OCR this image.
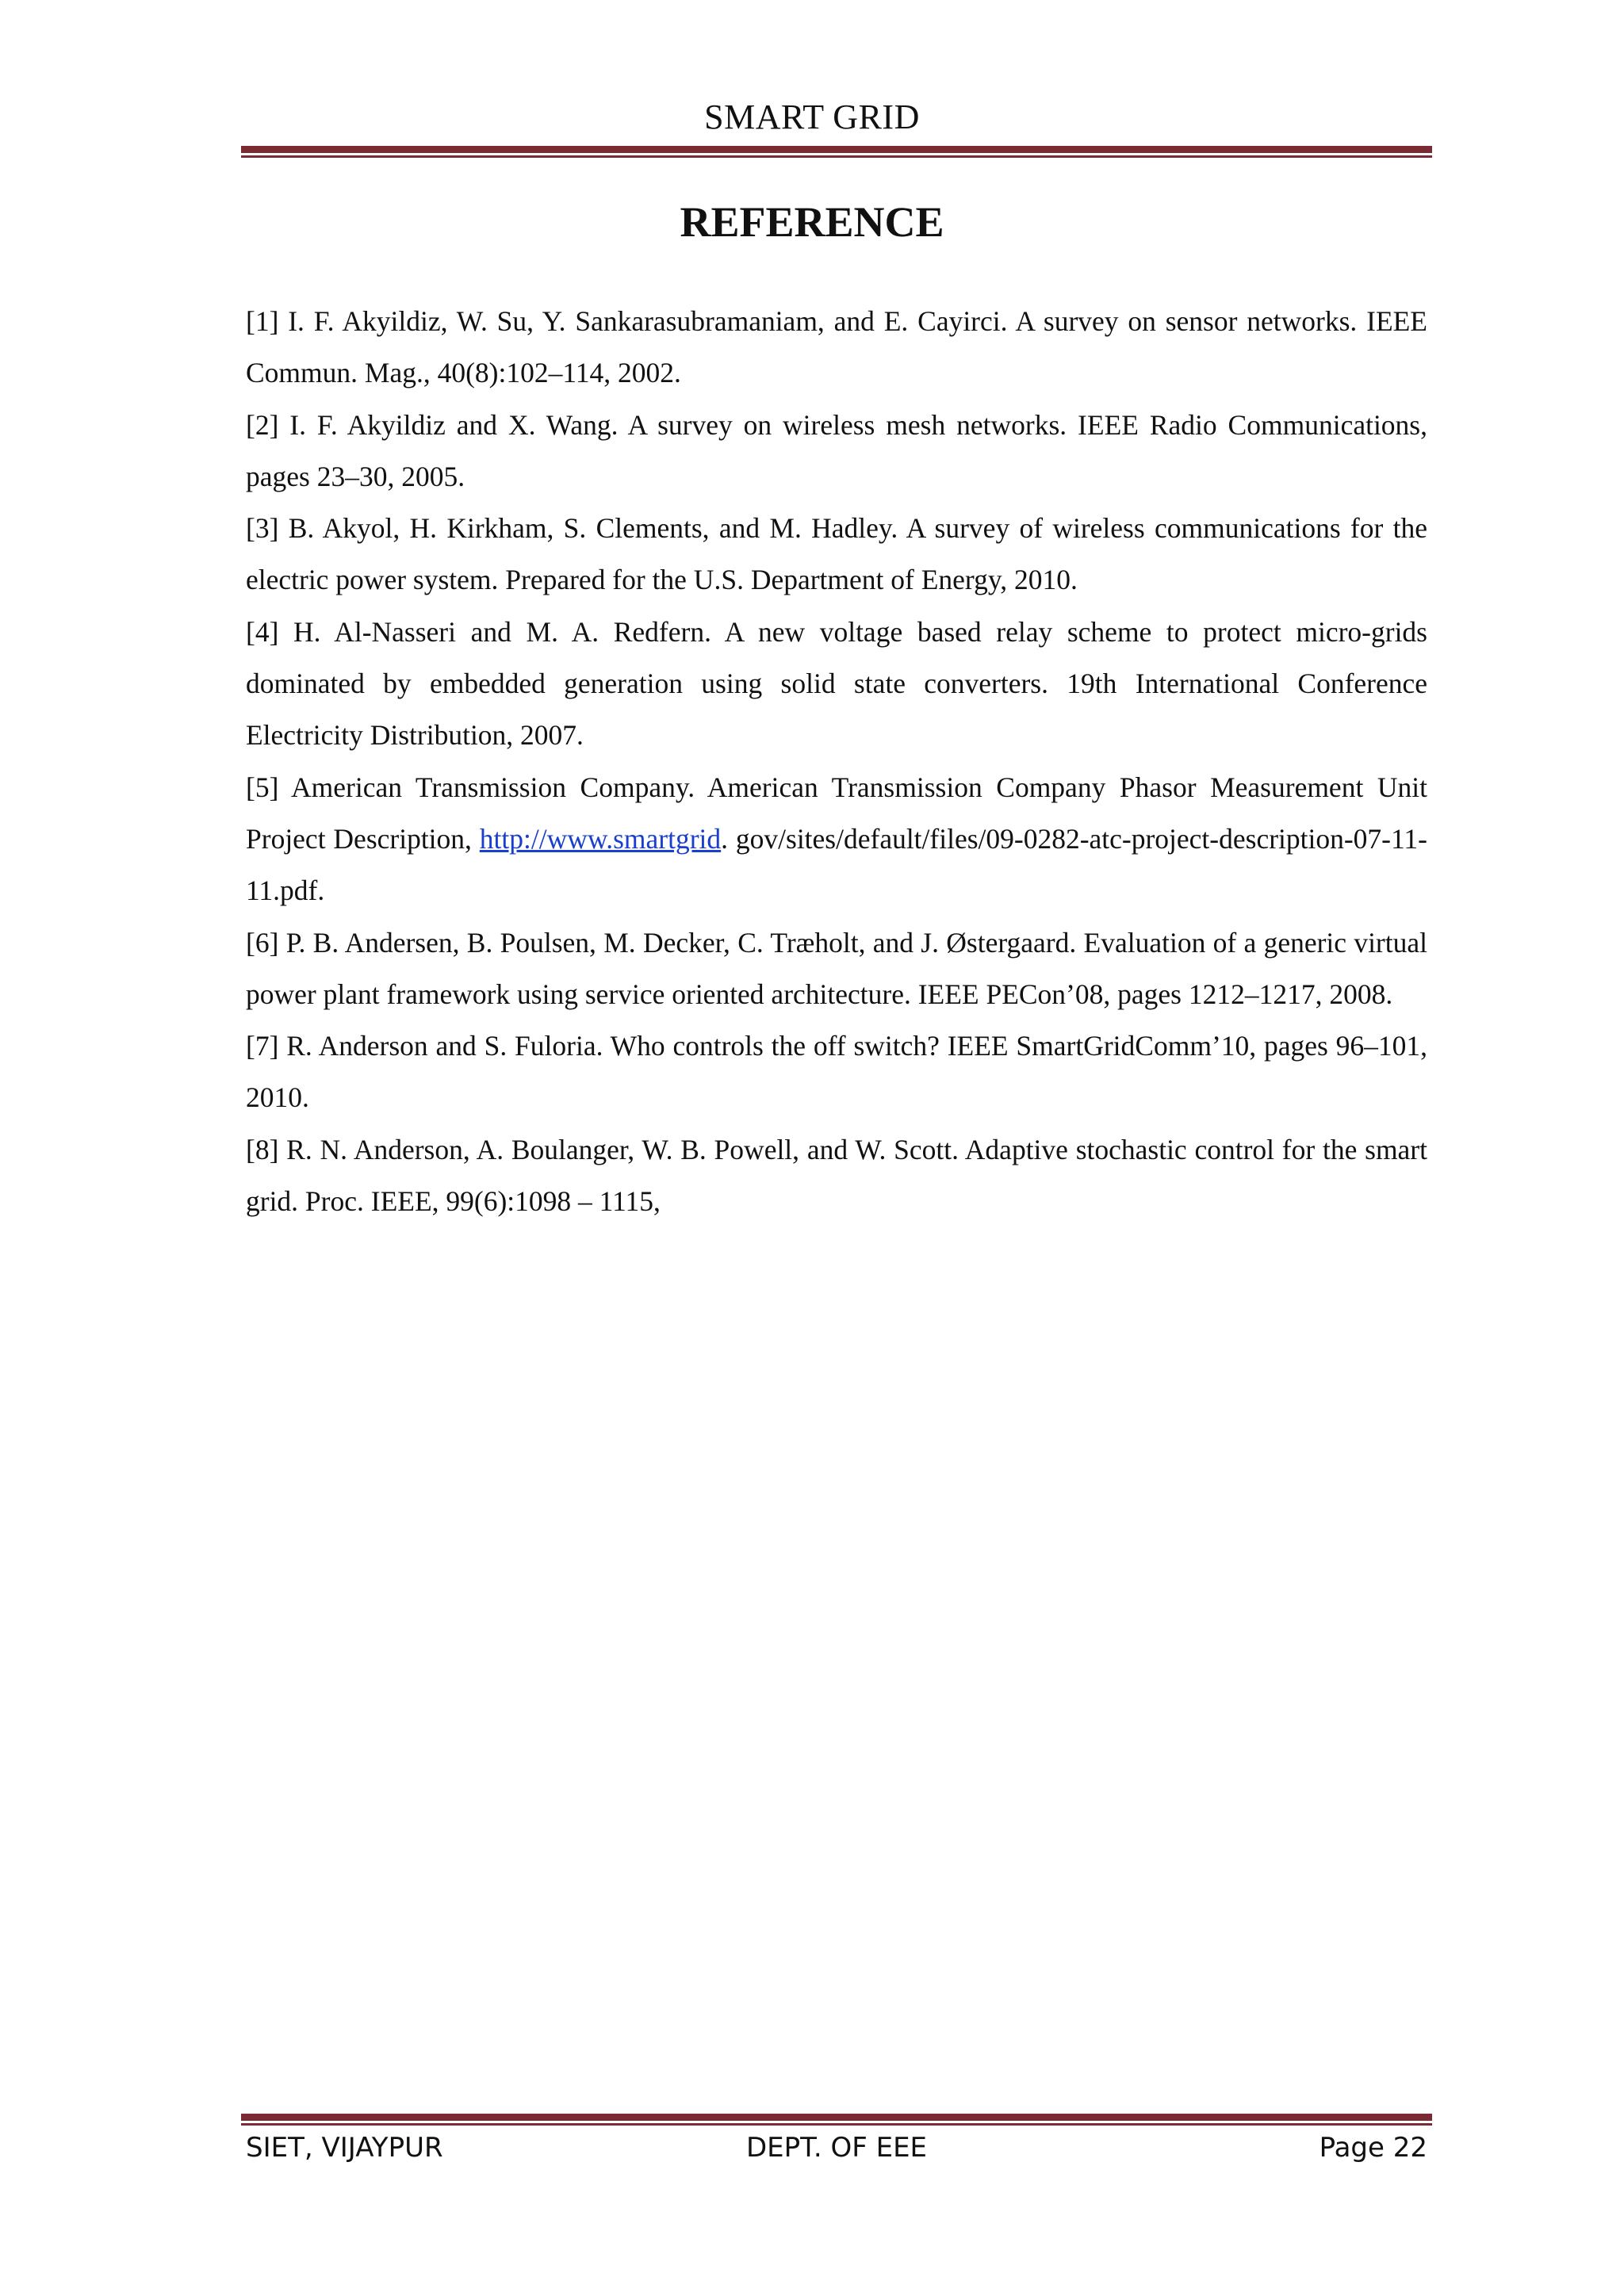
SMART GRID
REFERENCE

[1] I. F. Akyildiz, W. Su, Y. Sankarasubramaniam, and E. Cayirci. A survey on sensor networks. IEEE Commun. Mag., 40(8):102–114, 2002.

[2] I. F. Akyildiz and X. Wang. A survey on wireless mesh networks. IEEE Radio Communications, pages 23–30, 2005.

[3] B. Akyol, H. Kirkham, S. Clements, and M. Hadley. A survey of wireless communications for the electric power system. Prepared for the U.S. Department of Energy, 2010.

[4] H. Al-Nasseri and M. A. Redfern. A new voltage based relay scheme to protect micro-grids dominated by embedded generation using solid state converters. 19th International Conference Electricity Distribution, 2007.

[5] American Transmission Company. American Transmission Company Phasor Measurement Unit Project Description, http://www.smartgrid. gov/sites/default/files/09-0282-atc-project-description-07-11-11.pdf.

[6] P. B. Andersen, B. Poulsen, M. Decker, C. Træholt, and J. Østergaard. Evaluation of a generic virtual power plant framework using service oriented architecture. IEEE PECon’08, pages 1212–1217, 2008.

[7] R. Anderson and S. Fuloria. Who controls the off switch? IEEE SmartGridComm’10, pages 96–101, 2010.

[8] R. N. Anderson, A. Boulanger, W. B. Powell, and W. Scott. Adaptive stochastic control for the smart grid. Proc. IEEE, 99(6):1098 – 1115,

SIET, VIJAYPUR	DEPT. OF EEE	Page 22
